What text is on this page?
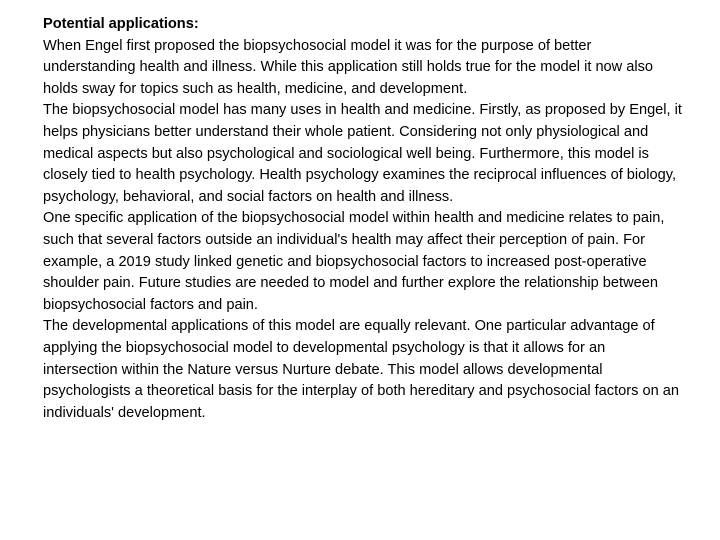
Potential applications:

When Engel first proposed the biopsychosocial model it was for the purpose of better understanding health and illness. While this application still holds true for the model it now also holds sway for topics such as health, medicine, and development.

The biopsychosocial model has many uses in health and medicine. Firstly, as proposed by Engel, it helps physicians better understand their whole patient. Considering not only physiological and medical aspects but also psychological and sociological well being. Furthermore, this model is closely tied to health psychology. Health psychology examines the reciprocal influences of biology, psychology, behavioral, and social factors on health and illness.

One specific application of the biopsychosocial model within health and medicine relates to pain, such that several factors outside an individual's health may affect their perception of pain. For example, a 2019 study linked genetic and biopsychosocial factors to increased post-operative shoulder pain. Future studies are needed to model and further explore the relationship between biopsychosocial factors and pain.

The developmental applications of this model are equally relevant. One particular advantage of applying the biopsychosocial model to developmental psychology is that it allows for an intersection within the Nature versus Nurture debate. This model allows developmental psychologists a theoretical basis for the interplay of both hereditary and psychosocial factors on an individuals' development.
